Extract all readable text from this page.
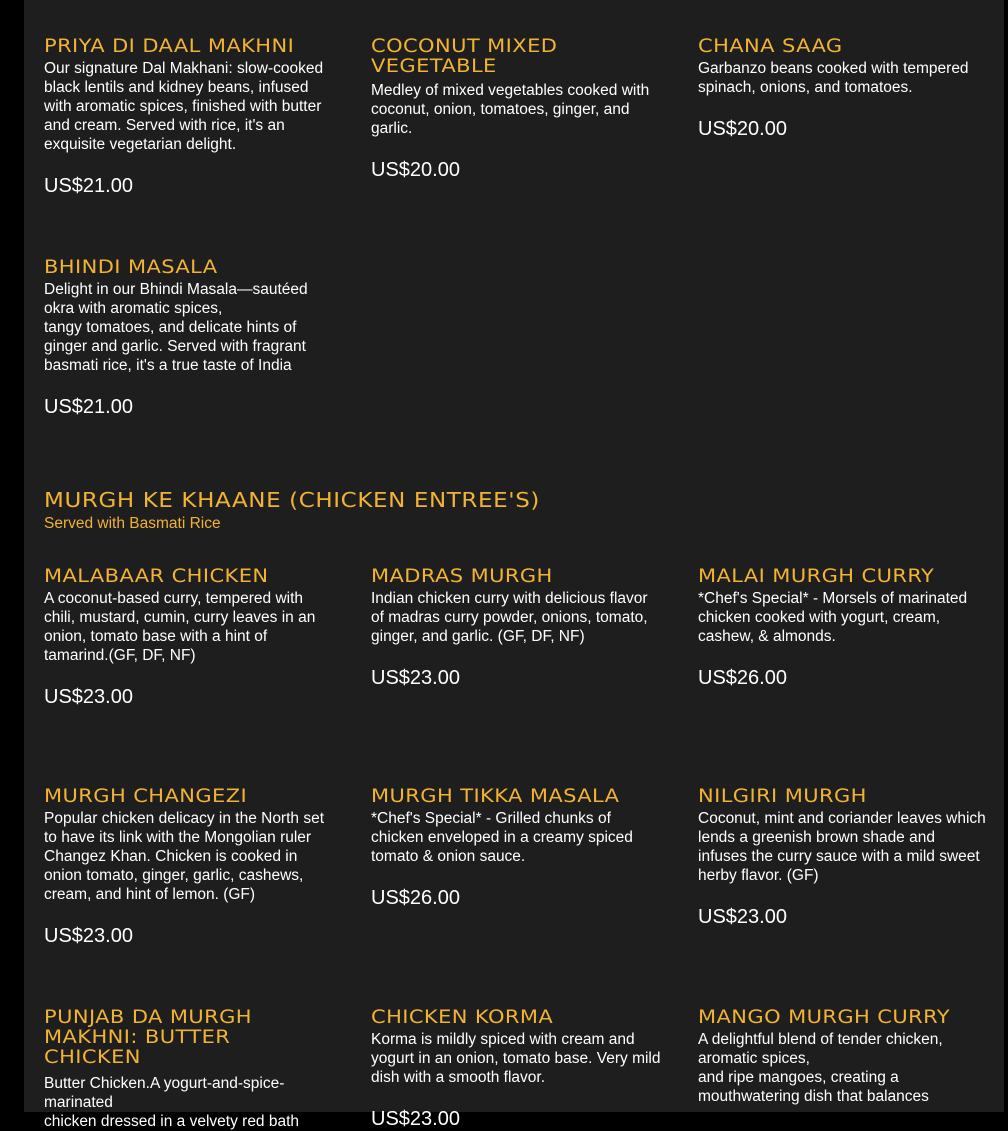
PRIYA DI DAAL MAKHNI
Our signature Dal Makhani: slow-cooked black lentils and kidney beans, infused with aromatic spices, finished with butter and cream. Served with rice, it's an exquisite vegetarian delight.
US$21.00
COCONUT MIXED VEGETABLE
Medley of mixed vegetables cooked with coconut, onion, tomatoes, ginger, and garlic.
US$20.00
CHANA SAAG
Garbanzo beans cooked with tempered spinach, onions, and tomatoes.
US$20.00
BHINDI MASALA
Delight in our Bhindi Masala—sautéed okra with aromatic spices,
tangy tomatoes, and delicate hints of ginger and garlic. Served with fragrant basmati rice, it's a true taste of India
US$21.00
MURGH KE KHAANE (CHICKEN ENTREE'S)
Served with Basmati Rice
MALABAAR CHICKEN
A coconut-based curry, tempered with chili, mustard, cumin, curry leaves in an onion, tomato base with a hint of tamarind.(GF, DF, NF)
US$23.00
MADRAS MURGH
Indian chicken curry with delicious flavor of madras curry powder, onions, tomato, ginger, and garlic. (GF, DF, NF)
US$23.00
MALAI MURGH CURRY
*Chef's Special* - Morsels of marinated chicken cooked with yogurt, cream, cashew, & almonds.
US$26.00
MURGH CHANGEZI
Popular chicken delicacy in the North set to have its link with the Mongolian ruler Changez Khan. Chicken is cooked in onion tomato, ginger, garlic, cashews, cream, and hint of lemon. (GF)
US$23.00
MURGH TIKKA MASALA
*Chef's Special* - Grilled chunks of chicken enveloped in a creamy spiced tomato & onion sauce.
US$26.00
NILGIRI MURGH
Coconut, mint and coriander leaves which lends a greenish brown shade and infuses the curry sauce with a mild sweet herby flavor. (GF)
US$23.00
PUNJAB DA MURGH MAKHNI: BUTTER CHICKEN
Butter Chicken.A yogurt-and-spice-marinated
chicken dressed in a velvety red bath
CHICKEN KORMA
Korma is mildly spiced with cream and yogurt in an onion, tomato base. Very mild dish with a smooth flavor.
US$23.00
MANGO MURGH CURRY
A delightful blend of tender chicken, aromatic spices,
and ripe mangoes, creating a mouthwatering dish that balances
